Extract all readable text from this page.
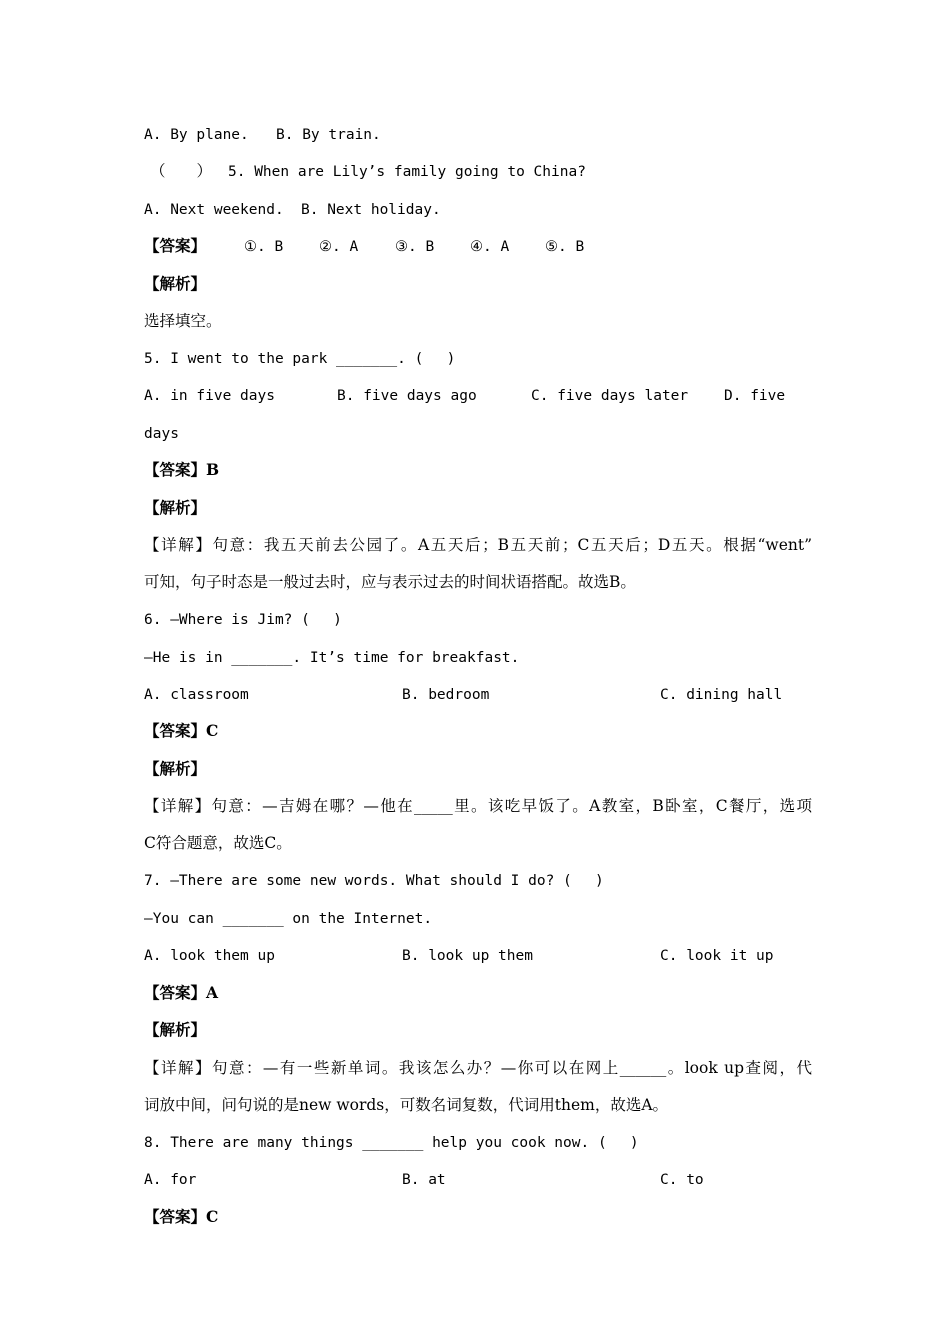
A. By plane. B. By train.
（　　） 5. When are Lily’s family going to China?
A. Next weekend. B. Next holiday.
【答案】	①. B ②. A	③. B ④. A ⑤. B
【解析】
选择填空。
5. I went to the park _______. (　 )
A. in five days	B. five days ago	C. five days later D. five
days
【答案】B
【解析】
【详解】句意：我五天前去公园了。A五天后；B五天前；C五天后；D五天。根据“went”
可知，句子时态是一般过去时，应与表示过去的时间状语搭配。故选B。
6. —Where is Jim? (　 )
—He is in _______. It’s time for breakfast.
A. classroom	B. bedroom	C. dining hall
【答案】C
【解析】
【详解】句意：—吉姆在哪？—他在_____里。该吃早饭了。A教室，B卧室，C餐厅，选项
C符合题意，故选C。
7. —There are some new words. What should I do? (　 )
—You can _______ on the Internet.
A. look them up	B. look up them	C. look it up
【答案】A
【解析】
【详解】句意：—有一些新单词。我该怎么办？—你可以在网上______。look up查阅，代
词放中间，问句说的是new words，可数名词复数，代词用them，故选A。
8. There are many things _______ help you cook now. (　 )
A. for	B. at	C. to
【答案】C
